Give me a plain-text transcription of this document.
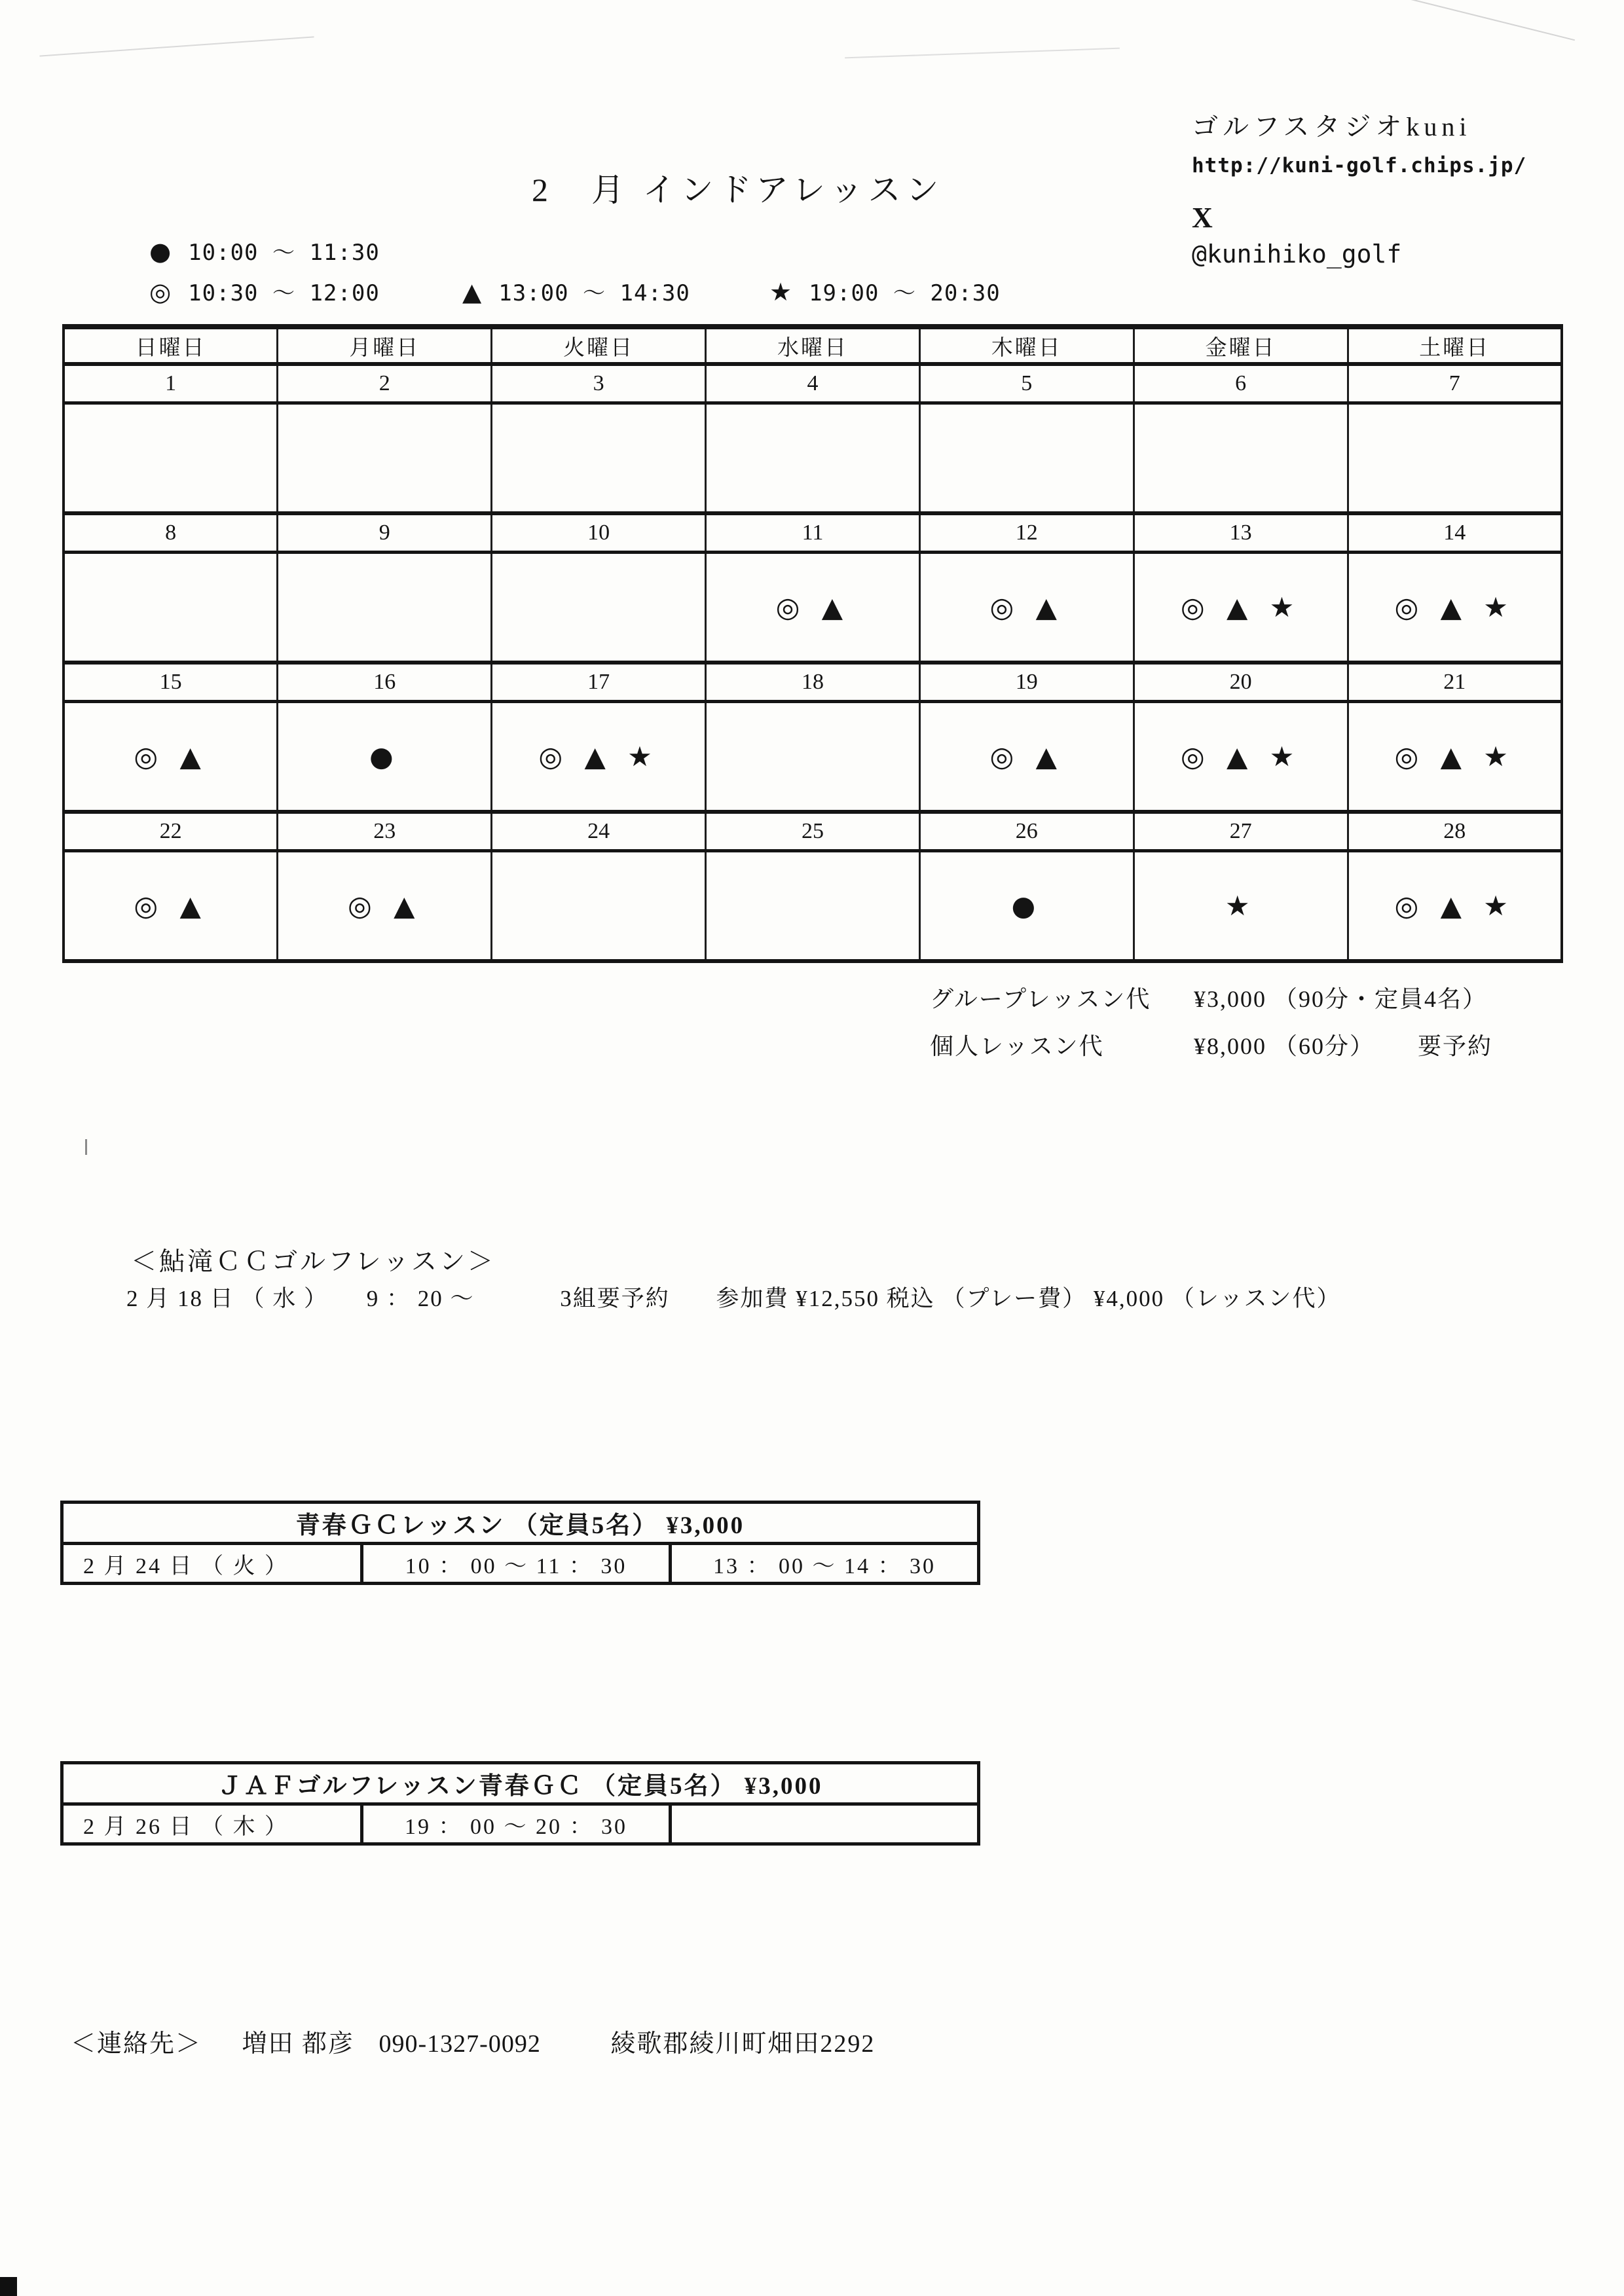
ゴルフスタジオkuni
http://kuni-golf.chips.jp/
X
@kunihiko_golf
2　月 インドアレッスン
● 10:00 ～ 11:30
◎ 10:30 ～ 12:00	▲ 13:00 ～ 14:30	★ 19:00 ～ 20:30
日曜日	月曜日	火曜日	水曜日	木曜日	金曜日	土曜日
1	2	3	4	5	6	7

8	9	10	11	12	13	14
			◎ ▲	◎ ▲	◎ ▲ ★	◎ ▲ ★
15	16	17	18	19	20	21
◎ ▲	●	◎ ▲ ★		◎ ▲	◎ ▲ ★	◎ ▲ ★
22	23	24	25	26	27	28
◎ ▲	◎ ▲			●	★	◎ ▲ ★
グループレッスン代 ¥3,000 （90分・定員4名）
個人レッスン代	¥8,000 （60分） 要予約
＜鮎滝ＣＣゴルフレッスン＞
2 月 18 日 （ 水 ） 9 ： 20 ～	3組要予約 参加費 ¥12,550 税込 （プレー費） ¥4,000 （レッスン代）
青春ＧＣレッスン （定員5名） ¥3,000
2 月 24 日 （ 火 ）	10 ： 00 ～ 11 ： 30	13 ： 00 ～ 14 ： 30
ＪＡＦゴルフレッスン青春ＧＣ （定員5名） ¥3,000
2 月 26 日 （ 木 ）	19 ： 00 ～ 20 ： 30	
＜連絡先＞ 増田 都彦 090-1327-0092	綾歌郡綾川町畑田2292
